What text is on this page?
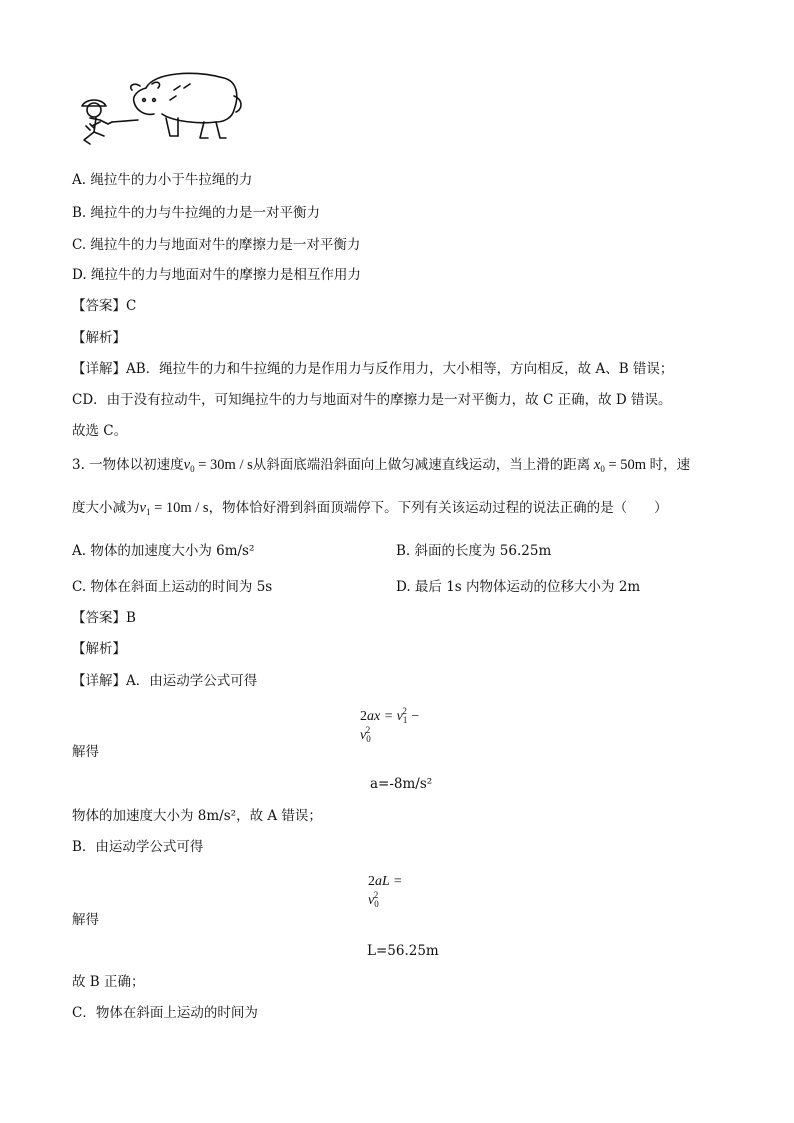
A. 绳拉牛的力小于牛拉绳的力
B. 绳拉牛的力与牛拉绳的力是一对平衡力
C. 绳拉牛的力与地面对牛的摩擦力是一对平衡力
D. 绳拉牛的力与地面对牛的摩擦力是相互作用力
【答案】C
【解析】
【详解】AB．绳拉牛的力和牛拉绳的力是作用力与反作用力，大小相等，方向相反，故 A、B 错误；
CD．由于没有拉动牛，可知绳拉牛的力与地面对牛的摩擦力是一对平衡力，故 C 正确，故 D 错误。
故选 C。
3. 一物体以初速度$v_0 = 30m / s$从斜面底端沿斜面向上做匀减速直线运动，当上滑的距离 $x_0 = 50m$ 时，速
度大小减为$v_1 = 10m / s$，物体恰好滑到斜面顶端停下。下列有关该运动过程的说法正确的是（　　）
A. 物体的加速度大小为 6m/s²	B. 斜面的长度为 56.25m
C. 物体在斜面上运动的时间为 5s	D. 最后 1s 内物体运动的位移大小为 2m
【答案】B
【解析】
【详解】A．由运动学公式可得
$2ax = v_1^2 - v_0^2$
解得
a=-8m/s²
物体的加速度大小为 8m/s²，故 A 错误；
B．由运动学公式可得
$2aL = v_0^2$
解得
L=56.25m
故 B 正确；
C．物体在斜面上运动的时间为
